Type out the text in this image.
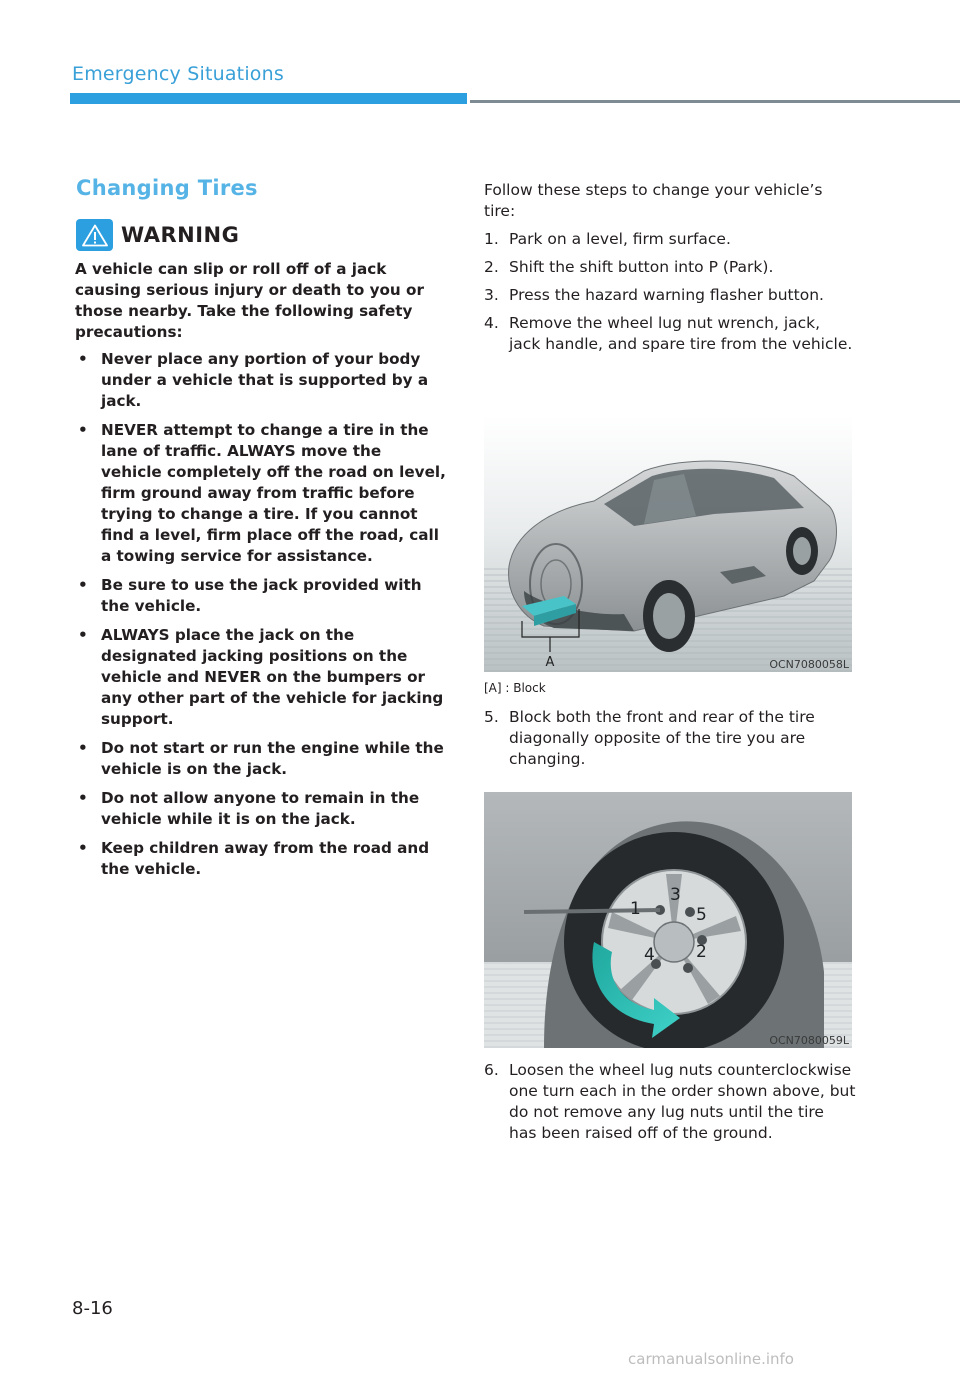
Emergency Situations
Changing Tires
WARNING

A vehicle can slip or roll off of a jack causing serious injury or death to you or those nearby. Take the following safety precautions:

• Never place any portion of your body under a vehicle that is supported by a jack.
• NEVER attempt to change a tire in the lane of traffic. ALWAYS move the vehicle completely off the road on level, firm ground away from traffic before trying to change a tire. If you cannot find a level, firm place off the road, call a towing service for assistance.
• Be sure to use the jack provided with the vehicle.
• ALWAYS place the jack on the designated jacking positions on the vehicle and NEVER on the bumpers or any other part of the vehicle for jacking support.
• Do not start or run the engine while the vehicle is on the jack.
• Do not allow anyone to remain in the vehicle while it is on the jack.
• Keep children away from the road and the vehicle.

Follow these steps to change your vehicle’s tire:

1. Park on a level, firm surface.
2. Shift the shift button into P (Park).
3. Press the hazard warning flasher button.
4. Remove the wheel lug nut wrench, jack, jack handle, and spare tire from the vehicle.
A	OCN7080058L
[A] : Block

5. Block both the front and rear of the tire diagonally opposite of the tire you are changing.

1
2
3
4
5
OCN7080059L

6. Loosen the wheel lug nuts counterclockwise one turn each in the order shown above, but do not remove any lug nuts until the tire has been raised off of the ground.

8-16
carmanualsonline.info
